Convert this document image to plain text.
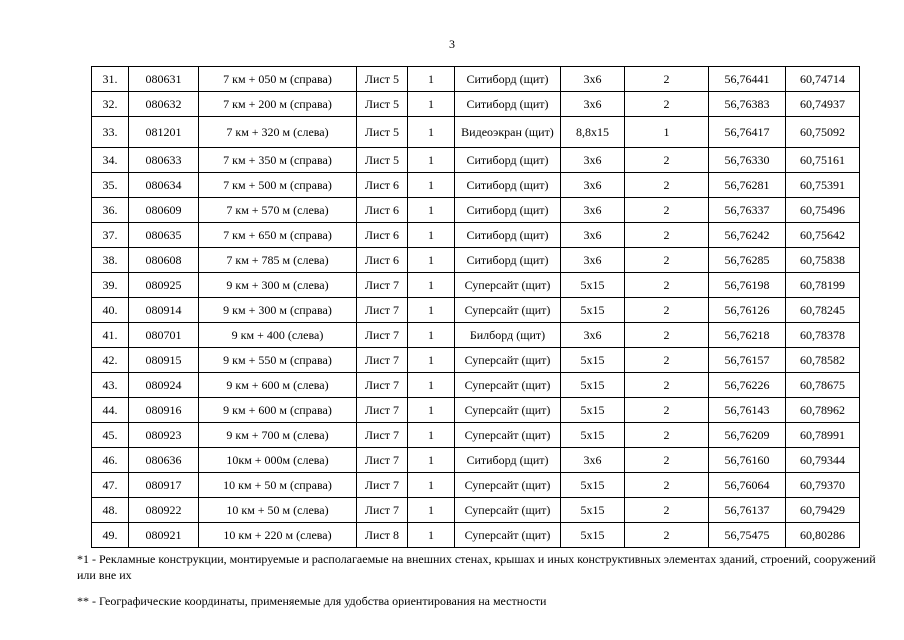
3
31.	080631	7 км + 050 м (справа)	Лист 5	1	Ситиборд (щит)	3x6	2	56,76441	60,74714
32.	080632	7 км + 200 м (справа)	Лист 5	1	Ситиборд (щит)	3x6	2	56,76383	60,74937
33.	081201	7 км + 320 м (слева)	Лист 5	1	Видеоэкран (щит)	8,8x15	1	56,76417	60,75092
34.	080633	7 км + 350 м (справа)	Лист 5	1	Ситиборд (щит)	3x6	2	56,76330	60,75161
35.	080634	7 км + 500 м (справа)	Лист 6	1	Ситиборд (щит)	3x6	2	56,76281	60,75391
36.	080609	7 км + 570 м (слева)	Лист 6	1	Ситиборд (щит)	3x6	2	56,76337	60,75496
37.	080635	7 км + 650 м (справа)	Лист 6	1	Ситиборд (щит)	3x6	2	56,76242	60,75642
38.	080608	7 км + 785 м (слева)	Лист 6	1	Ситиборд (щит)	3x6	2	56,76285	60,75838
39.	080925	9 км + 300 м (слева)	Лист 7	1	Суперсайт (щит)	5x15	2	56,76198	60,78199
40.	080914	9 км + 300 м (справа)	Лист 7	1	Суперсайт (щит)	5x15	2	56,76126	60,78245
41.	080701	9 км + 400 (слева)	Лист 7	1	Билборд (щит)	3x6	2	56,76218	60,78378
42.	080915	9 км + 550 м (справа)	Лист 7	1	Суперсайт (щит)	5x15	2	56,76157	60,78582
43.	080924	9 км + 600 м (слева)	Лист 7	1	Суперсайт (щит)	5x15	2	56,76226	60,78675
44.	080916	9 км + 600 м (справа)	Лист 7	1	Суперсайт (щит)	5x15	2	56,76143	60,78962
45.	080923	9 км + 700 м (слева)	Лист 7	1	Суперсайт (щит)	5x15	2	56,76209	60,78991
46.	080636	10км + 000м (слева)	Лист 7	1	Ситиборд (щит)	3x6	2	56,76160	60,79344
47.	080917	10 км + 50 м (справа)	Лист 7	1	Суперсайт (щит)	5x15	2	56,76064	60,79370
48.	080922	10 км + 50 м (слева)	Лист 7	1	Суперсайт (щит)	5x15	2	56,76137	60,79429
49.	080921	10 км + 220 м (слева)	Лист 8	1	Суперсайт (щит)	5x15	2	56,75475	60,80286

*1 - Рекламные конструкции, монтируемые и располагаемые на внешних стенах, крышах и иных конструктивных элементах зданий, строений, сооружений или вне их

** - Географические координаты, применяемые для удобства ориентирования на местности
